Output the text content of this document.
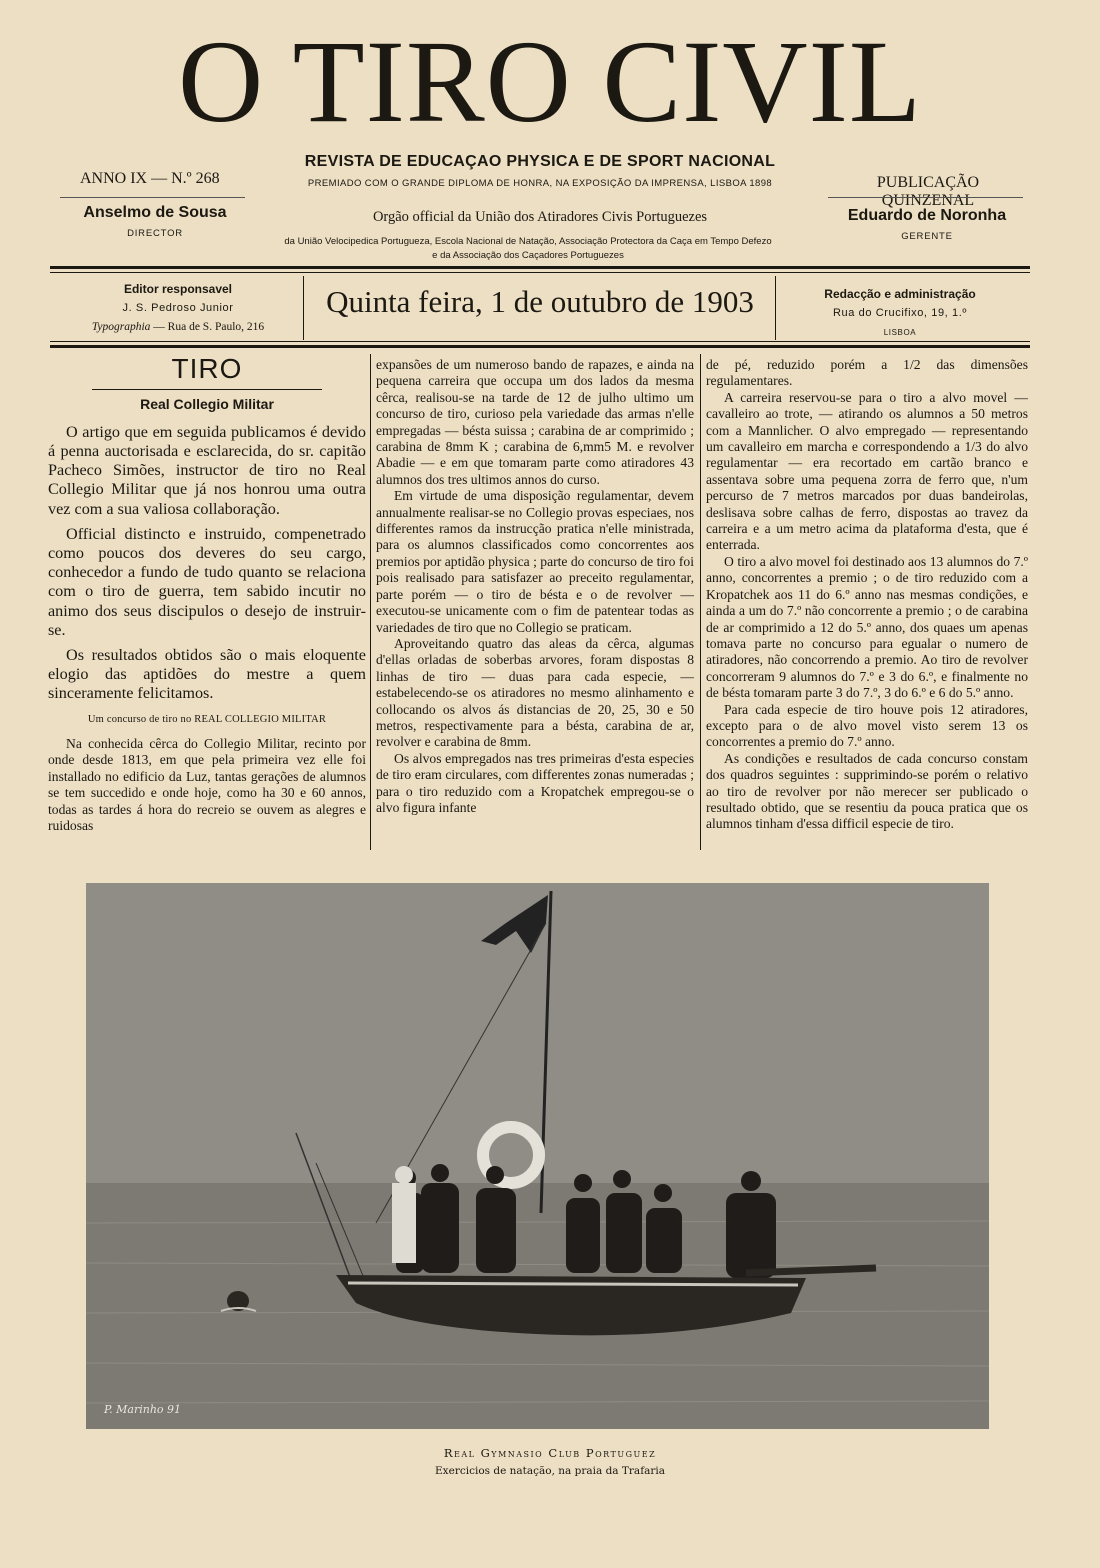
O TIRO CIVIL
ANNO IX — N.º 268
REVISTA DE EDUCAÇAO PHYSICA E DE SPORT NACIONAL
PREMIADO COM O GRANDE DIPLOMA DE HONRA, NA EXPOSIÇÃO DA IMPRENSA, LISBOA 1898	PUBLICAÇÃO QUINZENAL
Anselmo de Sousa
DIRECTOR
Orgão official da União dos Atiradores Civis Portuguezes
da União Velocipedica Portugueza, Escola Nacional de Natação, Associação Protectora da Caça em Tempo Defezo
e da Associação dos Caçadores Portuguezes
Eduardo de Noronha
GERENTE
Editor responsavel
J. S. Pedroso Junior
Typographia — Rua de S. Paulo, 216
Quinta feira, 1 de outubro de 1903	Redacção e administração
Rua do Crucifixo, 19, 1.º
LISBOA
TIRO
Real Collegio Militar

O artigo que em seguida publicamos é devido á penna auctorisada e esclarecida, do sr. capitão Pacheco Simões, instructor de tiro no Real Collegio Militar que já nos honrou uma outra vez com a sua valiosa collaboração.

Official distincto e instruido, compenetrado como poucos dos deveres do seu cargo, conhecedor a fundo de tudo quanto se relaciona com o tiro de guerra, tem sabido incutir no animo dos seus discipulos o desejo de instruir-se.

Os resultados obtidos são o mais eloquente elogio das aptidões do mestre a quem sinceramente felicitamos.

Um concurso de tiro no REAL COLLEGIO MILITAR

Na conhecida cêrca do Collegio Militar, recinto por onde desde 1813, em que pela primeira vez elle foi installado no edificio da Luz, tantas gerações de alumnos se tem succedido e onde hoje, como ha 30 e 60 annos, todas as tardes á hora do recreio se ouvem as alegres e ruidosas

expansões de um numeroso bando de rapazes, e ainda na pequena carreira que occupa um dos lados da mesma cêrca, realisou-se na tarde de 12 de julho ultimo um concurso de tiro, curioso pela variedade das armas n'elle empregadas — bésta suissa ; carabina de ar comprimido ; carabina de 8mm K ; carabina de 6,mm5 M. e revolver Abadie — e em que tomaram parte como atiradores 43 alumnos dos tres ultimos annos do curso.

Em virtude de uma disposição regulamentar, devem annualmente realisar-se no Collegio provas especiaes, nos differentes ramos da instrucção pratica n'elle ministrada, para os alumnos classificados como concorrentes aos premios por aptidão physica ; parte do concurso de tiro foi pois realisado para satisfazer ao preceito regulamentar, parte porém — o tiro de bésta e o de revolver — executou-se unicamente com o fim de patentear todas as variedades de tiro que no Collegio se praticam.

Aproveitando quatro das aleas da cêrca, algumas d'ellas orladas de soberbas arvores, foram dispostas 8 linhas de tiro — duas para cada especie, — estabelecendo-se os atiradores no mesmo alinhamento e collocando os alvos ás distancias de 20, 25, 30 e 50 metros, respectivamente para a bésta, carabina de ar, revolver e carabina de 8mm.

Os alvos empregados nas tres primeiras d'esta especies de tiro eram circulares, com differentes zonas numeradas ; para o tiro reduzido com a Kropatchek empregou-se o alvo figura infante

de pé, reduzido porém a 1/2 das dimensões regulamentares.

A carreira reservou-se para o tiro a alvo movel — cavalleiro ao trote, — atirando os alumnos a 50 metros com a Mannlicher. O alvo empregado — representando um cavalleiro em marcha e correspondendo a 1/3 do alvo regulamentar — era recortado em cartão branco e assentava sobre uma pequena zorra de ferro que, n'um percurso de 7 metros marcados por duas bandeirolas, deslisava sobre calhas de ferro, dispostas ao travez da carreira e a um metro acima da plataforma d'esta, que é enterrada.

O tiro a alvo movel foi destinado aos 13 alumnos do 7.º anno, concorrentes a premio ; o de tiro reduzido com a Kropatchek aos 11 do 6.º anno nas mesmas condições, e ainda a um do 7.º não concorrente a premio ; o de carabina de ar comprimido a 12 do 5.º anno, dos quaes um apenas tomava parte no concurso para egualar o numero de atiradores, não concorrendo a premio. Ao tiro de revolver concorreram 9 alumnos do 7.º e 3 do 6.º, e finalmente no de bésta tomaram parte 3 do 7.º, 3 do 6.º e 6 do 5.º anno.

Para cada especie de tiro houve pois 12 atiradores, excepto para o de alvo movel visto serem 13 os concorrentes a premio do 7.º anno.

As condições e resultados de cada concurso constam dos quadros seguintes : supprimindo-se porém o relativo ao tiro de revolver por não merecer ser publicado o resultado obtido, que se resentiu da pouca pratica que os alumnos tinham d'essa difficil especie de tiro.

P. Marinho 91
Real Gymnasio Club Portuguez
Exercicios de natação, na praia da Trafaria
